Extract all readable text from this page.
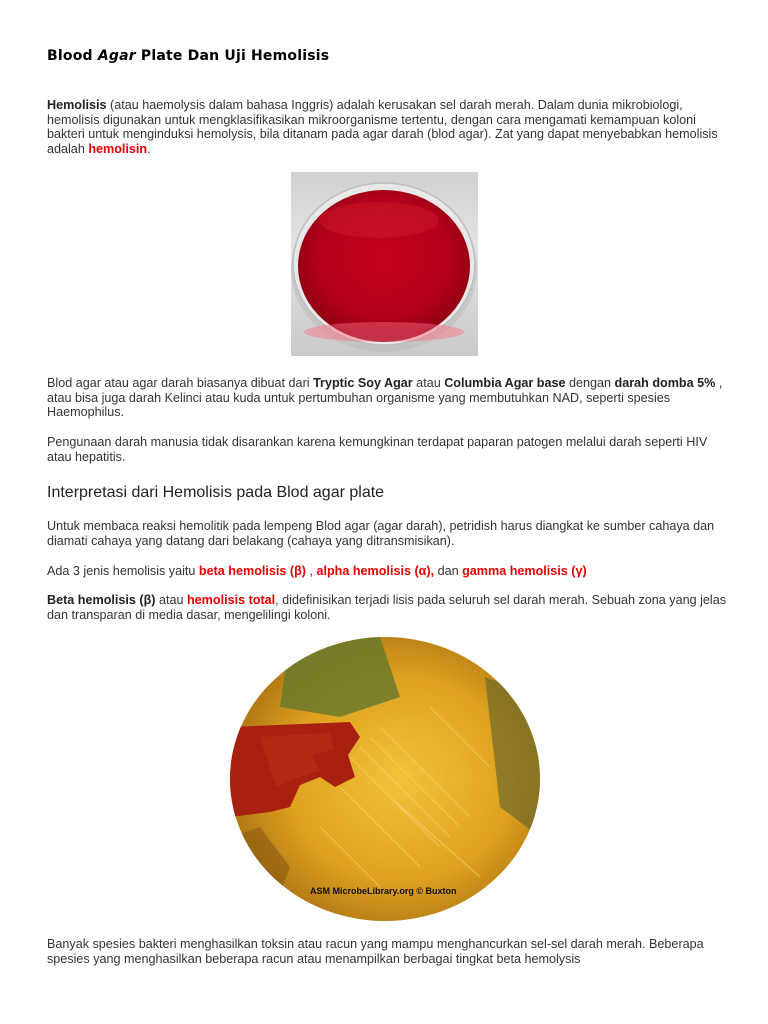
Blood Agar Plate Dan Uji Hemolisis

Hemolisis (atau haemolysis dalam bahasa Inggris) adalah kerusakan sel darah merah. Dalam dunia mikrobiologi, hemolisis digunakan untuk mengklasifikasikan mikroorganisme tertentu, dengan cara mengamati kemampuan koloni bakteri untuk menginduksi hemolysis, bila ditanam pada agar darah (blod agar). Zat yang dapat menyebabkan hemolisis adalah hemolisin.

Blod agar atau agar darah biasanya dibuat dari Tryptic Soy Agar atau Columbia Agar base dengan darah domba 5% , atau bisa juga darah Kelinci atau kuda untuk pertumbuhan organisme yang membutuhkan NAD, seperti spesies Haemophilus.

Pengunaan darah manusia tidak disarankan karena kemungkinan terdapat paparan patogen melalui darah seperti HIV atau hepatitis.

Interpretasi dari Hemolisis pada Blod agar plate

Untuk membaca reaksi hemolitik pada lempeng Blod agar (agar darah), petridish harus diangkat ke sumber cahaya dan diamati cahaya yang datang dari belakang (cahaya yang ditransmisikan).

Ada 3 jenis hemolisis yaitu beta hemolisis (β) , alpha hemolisis (α), dan gamma hemolisis (γ)

Beta hemolisis (β) atau hemolisis total, didefinisikan terjadi lisis pada seluruh sel darah merah. Sebuah zona yang jelas dan transparan di media dasar, mengelilingi koloni.

ASM MicrobeLibrary.org © Buxton

Banyak spesies bakteri menghasilkan toksin atau racun yang mampu menghancurkan sel-sel darah merah. Beberapa spesies yang menghasilkan beberapa racun atau menampilkan berbagai tingkat beta hemolysis
